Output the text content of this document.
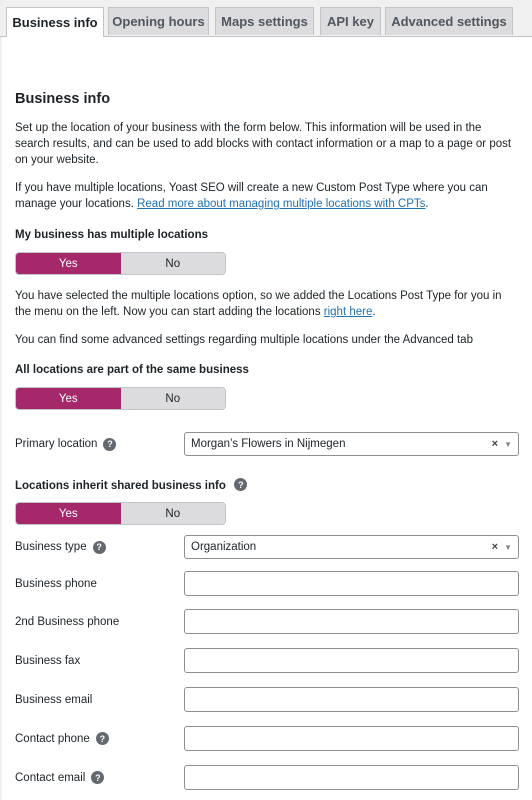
Business info	Opening hours	Maps settings	API key	Advanced settings
Business info

Set up the location of your business with the form below. This information will be used in the search results, and can be used to add blocks with contact information or a map to a page or post on your website.

If you have multiple locations, Yoast SEO will create a new Custom Post Type where you can manage your locations. Read more about managing multiple locations with CPTs.

My business has multiple locations
Yes	No

You have selected the multiple locations option, so we added the Locations Post Type for you in the menu on the left. Now you can start adding the locations right here.

You can find some advanced settings regarding multiple locations under the Advanced tab

All locations are part of the same business
Yes	No
Primary location	?	Morgan’s Flowers in Nijmegen	× ▼
Locations inherit shared business info ?
Yes	No
Business type	?	Organization	× ▼
Business phone
2nd Business phone
Business fax
Business email
Contact phone	?
Contact email	?
